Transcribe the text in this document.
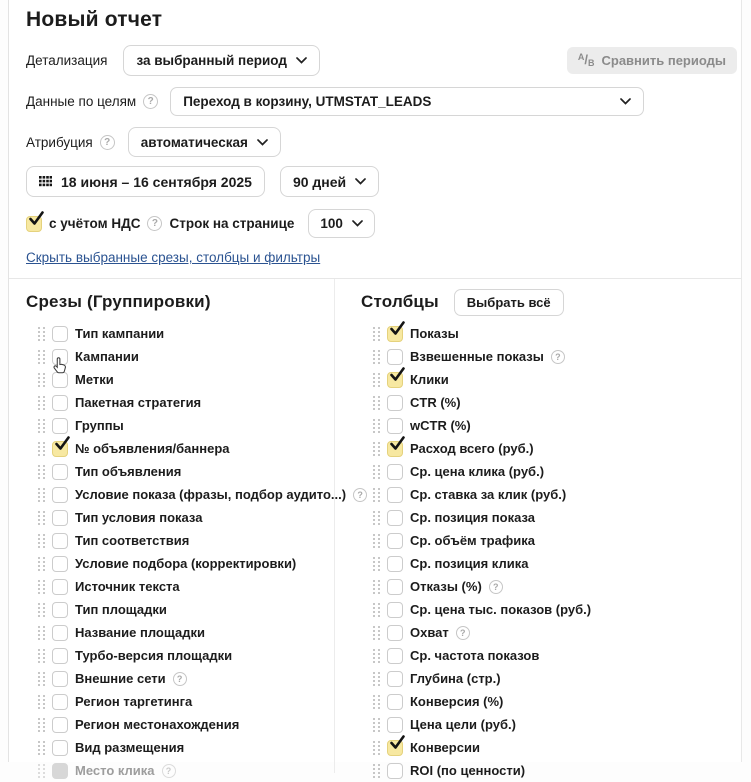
Новый отчет
Детализация за выбранный период A / B	Сравнить периоды
Данные по целям ?	Переход в корзину, UTMSTAT_LEADS
Атрибуция ?	автоматическая
18 июня – 16 сентября 2025	90 дней
с учётом НДС ? Строк на странице 100
Скрыть выбранные срезы, столбцы и фильтры
Срезы (Группировки)
Тип кампании
Кампании
Метки
Пакетная стратегия
Группы
№ объявления/баннера
Тип объявления
Условие показа (фразы, подбор аудито...)
?
Тип условия показа
Тип соответствия
Условие подбора (корректировки)
Источник текста
Тип площадки
Название площадки
Турбо-версия площадки
Внешние сети
?
Регион таргетинга
Регион местонахождения
Вид размещения
Место клика
?
Столбцы	Выбрать всё
Показы
Взвешенные показы
?
Клики
CTR (%)
wCTR (%)
Расход всего (руб.)
Ср. цена клика (руб.)
Ср. ставка за клик (руб.)
Ср. позиция показа
Ср. объём трафика
Ср. позиция клика
Отказы (%)
?
Ср. цена тыс. показов (руб.)
Охват
?
Ср. частота показов
Глубина (стр.)
Конверсия (%)
Цена цели (руб.)
Конверсии
ROI (по ценности)
